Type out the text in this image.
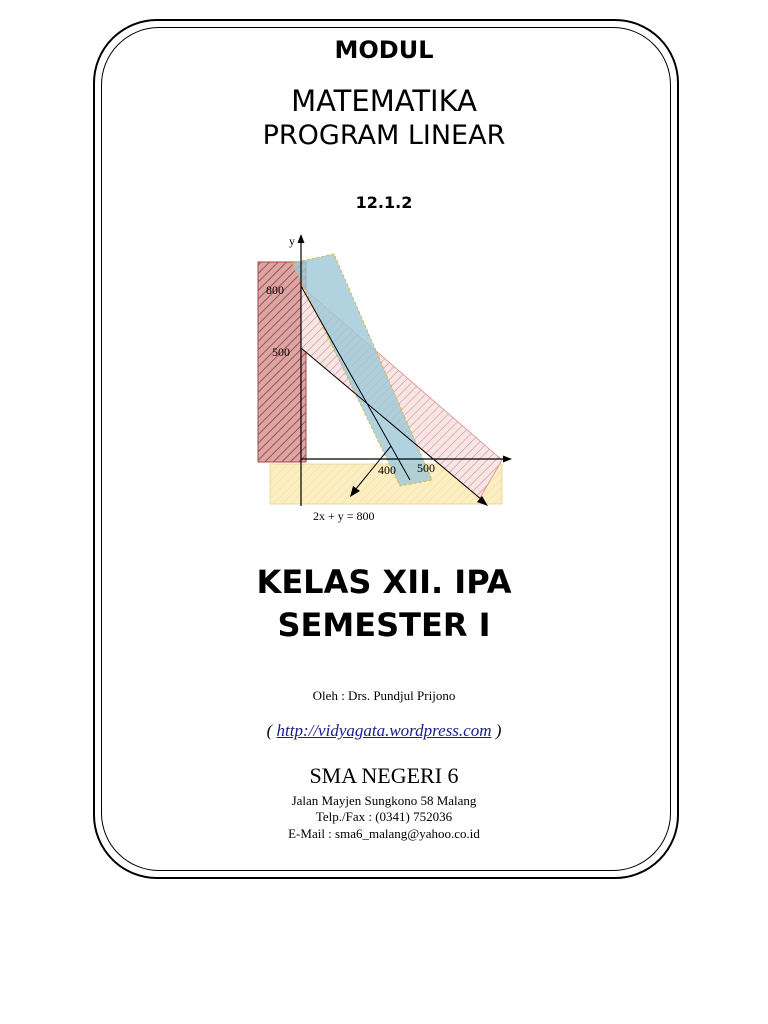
MODUL

MATEMATIKA

PROGRAM LINEAR

12.1.2

y
800
500
400 500
2x + y = 800

KELAS XII. IPA

SEMESTER I

Oleh : Drs. Pundjul Prijono

( http://vidyagata.wordpress.com )

SMA NEGERI 6

Jalan Mayjen Sungkono 58 Malang

Telp./Fax : (0341) 752036

E-Mail : sma6_malang@yahoo.co.id
